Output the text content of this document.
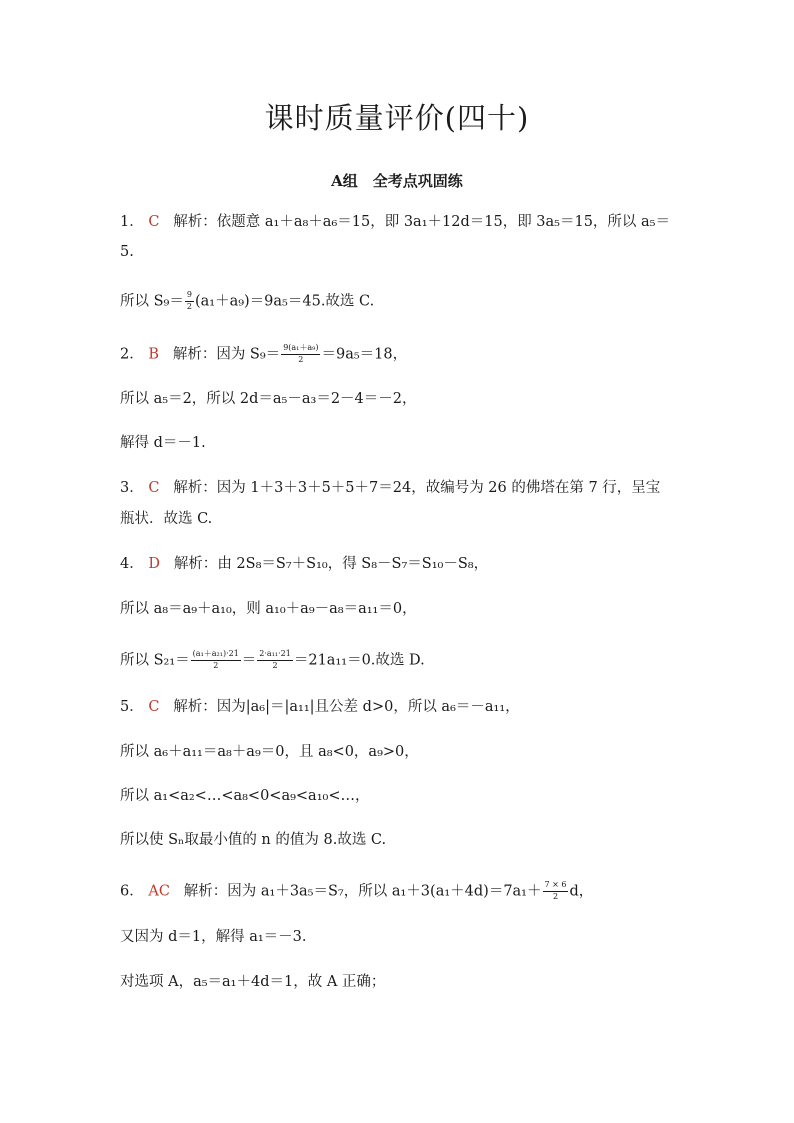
课时质量评价(四十)
A组　全考点巩固练
1． C 解析：依题意 a₁＋a₈＋a₆＝15，即 3a₁＋12d＝15，即 3a₅＝15，所以 a₅＝
5.
所以 $S_9= \frac{9}{2} (a_1+a_9)=9a_5=45$.故选 C.
2． B 解析：因为 $S_9= \frac{\text{9(a₁＋a₉)}}{2} =9a_5=18$，
所以 a₅＝2，所以 2d＝a₅－a₃＝2－4＝－2，
解得 d＝－1.
3． C 解析：因为 1＋3＋3＋5＋5＋7＝24，故编号为 26 的佛塔在第 7 行，呈宝
瓶状．故选 C.
4． D 解析：由 2S₈＝S₇＋S₁₀，得 S₈－S₇＝S₁₀－S₈，
所以 a₈＝a₉＋a₁₀，则 a₁₀＋a₉－a₈＝a₁₁＝0，
所以 $S_{21}= \frac{\text{(a₁＋a₂₁)·21}}{2} = \frac{\text{2·a₁₁·21}}{2} =21a_{11}=0$.故选 D.
5． C 解析：因为|a₆|＝|a₁₁|且公差 d>0，所以 a₆＝－a₁₁，
所以 a₆＋a₁₁＝a₈＋a₉＝0，且 a₈<0，a₉>0，
所以 a₁<a₂<…<a₈<0<a₉<a₁₀<…，
所以使 Sₙ取最小值的 n 的值为 8.故选 C.
6． AC 解析：因为 a₁＋3a₅＝S₇，所以 $a_1+3(a_1+4d)=7a_1+ \frac{7 \times 6}{2}$ d，
又因为 d＝1，解得 a₁＝－3.
对选项 A，a₅＝a₁＋4d＝1，故 A 正确；
